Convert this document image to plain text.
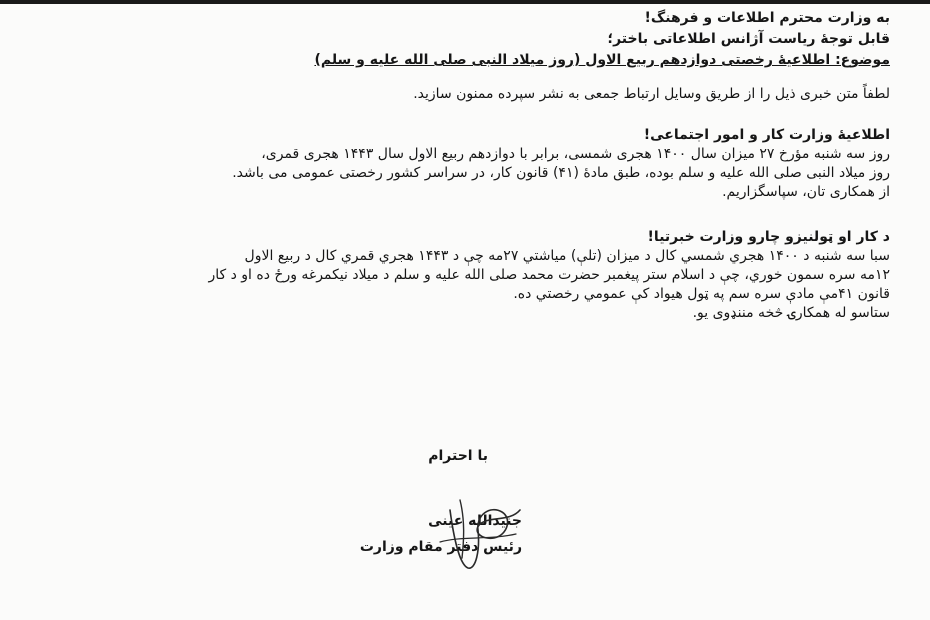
به وزارت محترم اطلاعات و فرهنگ!
قابل توجۀ ریاست آژانس اطلاعاتی باختر؛
موضوع: اطلاعیۀ رخصتی دوازدهم ربیع الاول (روز میلاد النبی صلی الله علیه و سلم)
لطفاً متن خبری ذیل را از طریق وسایل ارتباط جمعی به نشر سپرده ممنون سازید.
اطلاعیۀ وزارت کار و امور اجتماعی!
روز سه شنبه مؤرخ ۲۷ میزان سال ۱۴۰۰ هجری شمسی، برابر با دوازدهم ربیع الاول سال ۱۴۴۳ هجری قمری،
روز میلاد النبی صلی الله علیه و سلم بوده، طبق مادۀ (۴۱) قانون کار، در سراسر کشور رخصتی عمومی می باشد.
از همکاری تان، سپاسگزاریم.
د کار او ټولنیزو چارو وزارت خبرتیا!
سبا سه شنبه د ۱۴۰۰ هجري شمسي کال د میزان (تلې) میاشتي ۲۷مه چې د ۱۴۴۳ هجري قمري کال د ربیع الاول
۱۲مه سره سمون خوري، چې د اسلام ستر پیغمبر حضرت محمد صلی الله علیه و سلم د میلاد نیکمرغه ورځ ده او د کار
قانون ۴۱مې مادې سره سم په ټول هیواد کې عمومي رخصتي ده.
ستاسو له همکارۍ څخه مننډوی یو.
با احترام
جنیدالله عینی
رئیس دفتر مقام وزارت
